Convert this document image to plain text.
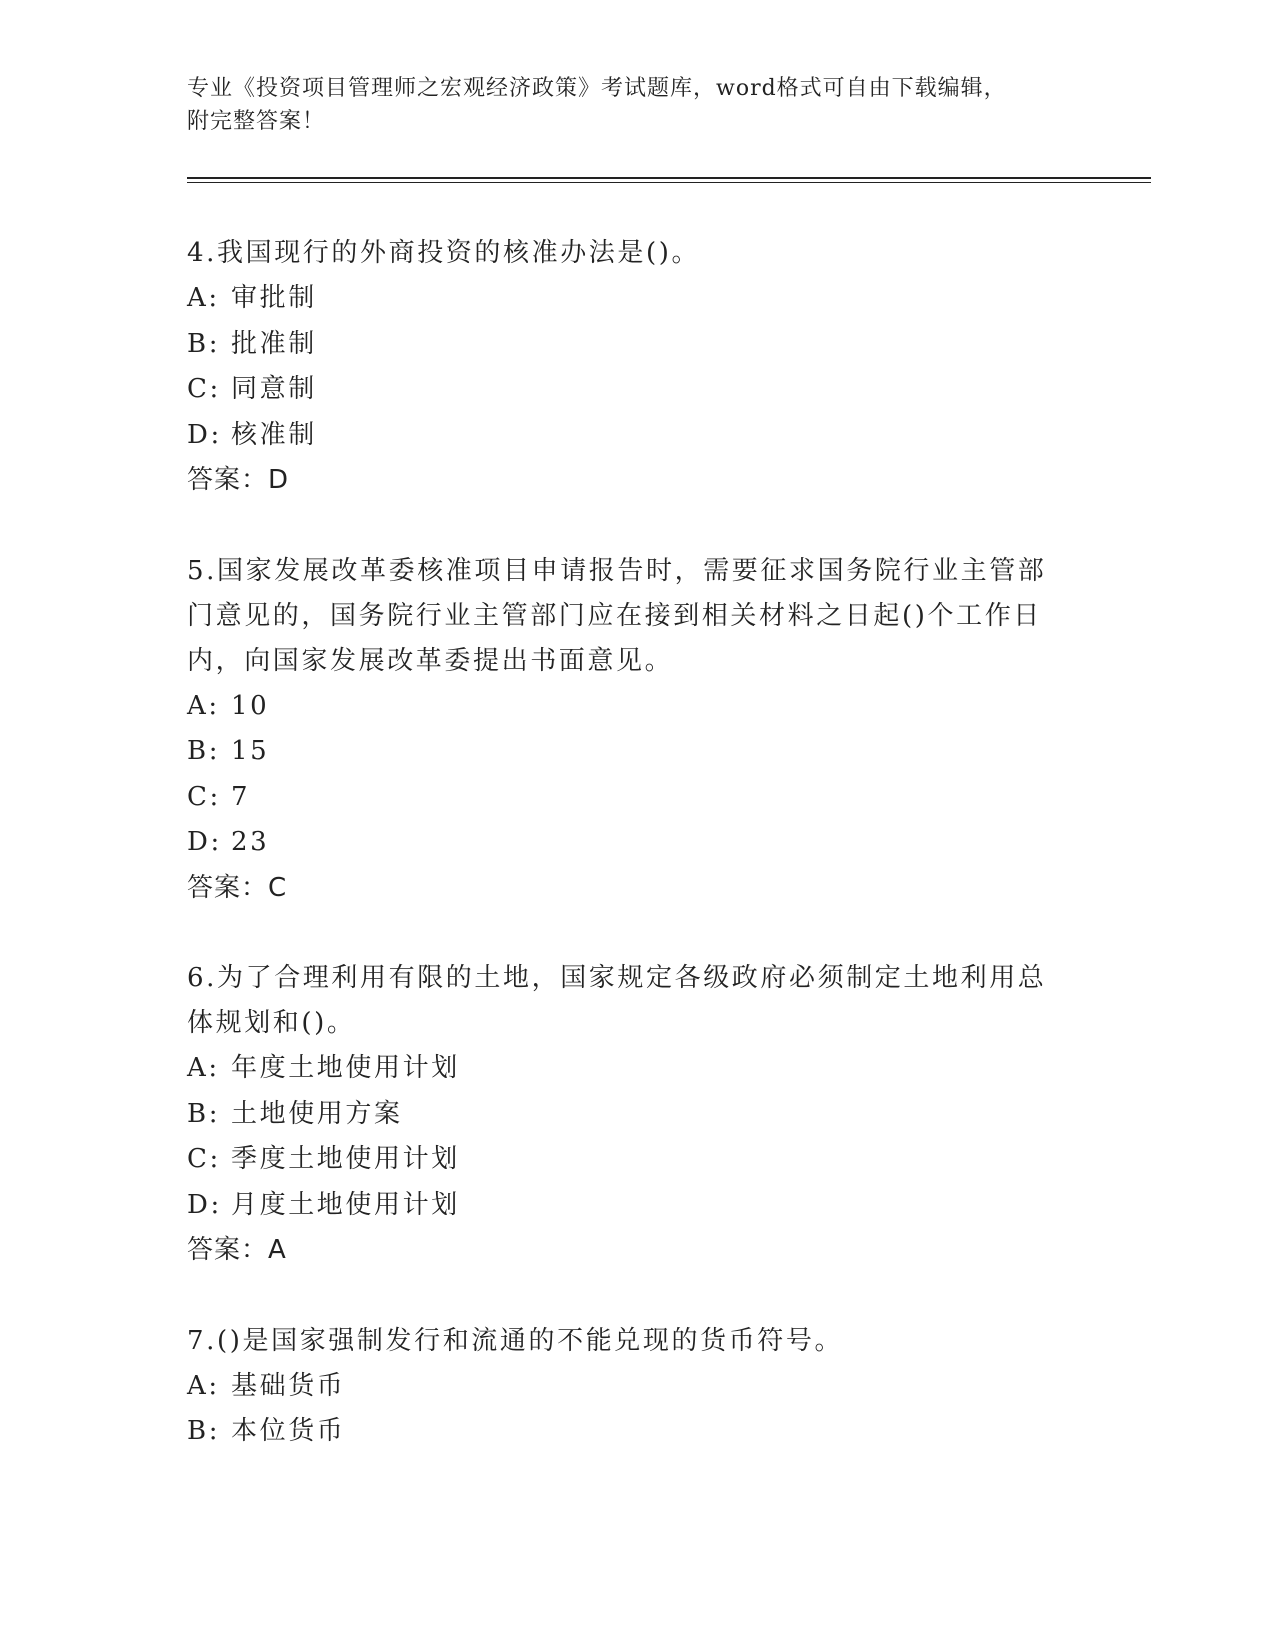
专业《投资项目管理师之宏观经济政策》考试题库，word格式可自由下载编辑，
附完整答案！

4.我国现行的外商投资的核准办法是()。

A: 审批制
B: 批准制
C: 同意制
D: 核准制
答案：D

5.国家发展改革委核准项目申请报告时，需要征求国务院行业主管部门意见的，国务院行业主管部门应在接到相关材料之日起()个工作日内，向国家发展改革委提出书面意见。

A: 10
B: 15
C: 7
D: 23
答案：C

6.为了合理利用有限的土地，国家规定各级政府必须制定土地利用总体规划和()。

A: 年度土地使用计划
B: 土地使用方案
C: 季度土地使用计划
D: 月度土地使用计划
答案：A

7.()是国家强制发行和流通的不能兑现的货币符号。

A: 基础货币
B: 本位货币
